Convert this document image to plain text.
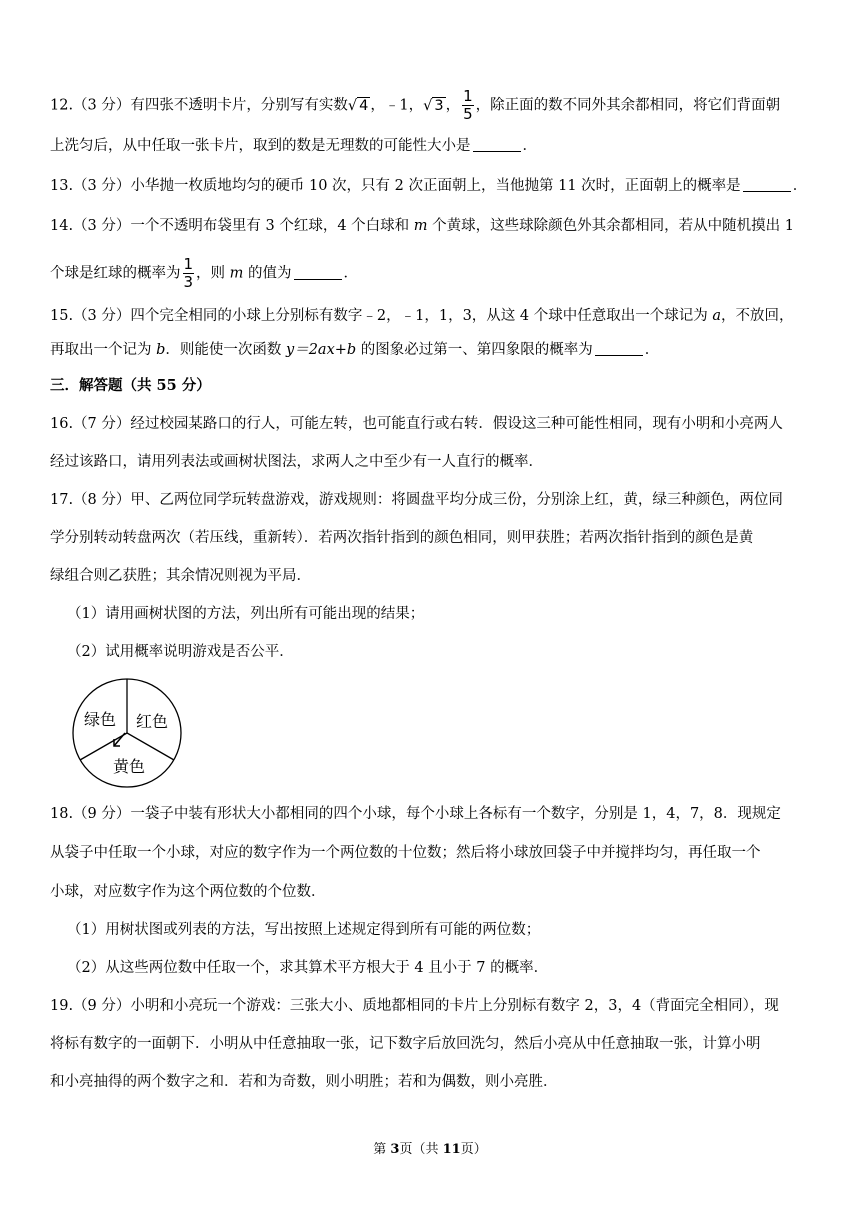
12.（3 分）有四张不透明卡片，分别写有实数√ 4 ，﹣1，√ 3 ， $\frac{1}{5}$ ，除正面的数不同外其余都相同，将它们背面朝
上洗匀后，从中任取一张卡片，取到的数是无理数的可能性大小是	．
13.（3 分）小华抛一枚质地均匀的硬币 10 次，只有 2 次正面朝上，当他抛第 11 次时，正面朝上的概率是	．
14.（3 分）一个不透明布袋里有 3 个红球，4 个白球和 m 个黄球，这些球除颜色外其余都相同，若从中随机摸出 1
个球是红球的概率为 $\frac{1}{3}$ ，则 m 的值为	．
15.（3 分）四个完全相同的小球上分别标有数字﹣2，﹣1，1，3，从这 4 个球中任意取出一个球记为 a，不放回，
再取出一个记为 b．则能使一次函数 y＝2ax+b 的图象必过第一、第四象限的概率为	．
三．解答题（共 55 分）
16.（7 分）经过校园某路口的行人，可能左转，也可能直行或右转．假设这三种可能性相同，现有小明和小亮两人
经过该路口，请用列表法或画树状图法，求两人之中至少有一人直行的概率．
17.（8 分）甲、乙两位同学玩转盘游戏，游戏规则：将圆盘平均分成三份，分别涂上红，黄，绿三种颜色，两位同
学分别转动转盘两次（若压线，重新转）．若两次指针指到的颜色相同，则甲获胜；若两次指针指到的颜色是黄
绿组合则乙获胜；其余情况则视为平局．
（1）请用画树状图的方法，列出所有可能出现的结果；
（2）试用概率说明游戏是否公平．
绿色 红色
黄色
18.（9 分）一袋子中装有形状大小都相同的四个小球，每个小球上各标有一个数字，分别是 1，4，7，8．现规定
从袋子中任取一个小球，对应的数字作为一个两位数的十位数；然后将小球放回袋子中并搅拌均匀，再任取一个
小球，对应数字作为这个两位数的个位数．
（1）用树状图或列表的方法，写出按照上述规定得到所有可能的两位数；
（2）从这些两位数中任取一个，求其算术平方根大于 4 且小于 7 的概率．
19.（9 分）小明和小亮玩一个游戏：三张大小、质地都相同的卡片上分别标有数字 2，3，4（背面完全相同），现
将标有数字的一面朝下．小明从中任意抽取一张，记下数字后放回洗匀，然后小亮从中任意抽取一张，计算小明
和小亮抽得的两个数字之和．若和为奇数，则小明胜；若和为偶数，则小亮胜．
第 3页（共 11页）
